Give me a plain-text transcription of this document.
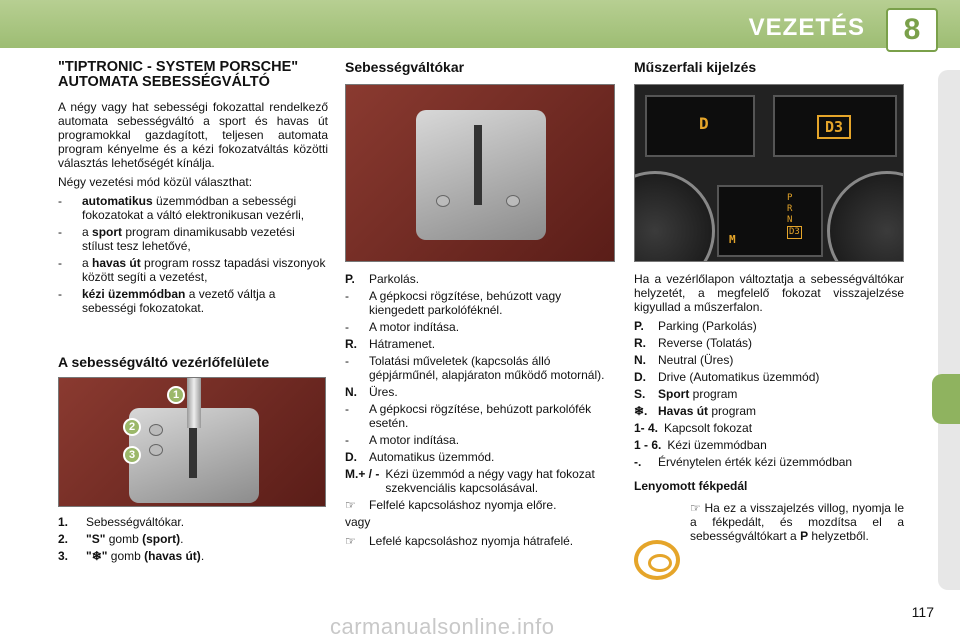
VEZETÉS	8
"TIPTRONIC - SYSTEM PORSCHE" AUTOMATA SEBESSÉGVÁLTÓ

A négy vagy hat sebességi fokozattal rendelkező automata sebességváltó a sport és havas út programokkal gazdagított, teljesen automata program kényelme és a kézi fokozatváltás közötti választás lehetőségét kínálja.

Négy vezetési mód közül választhat:

-	automatikus üzemmódban a sebességi fokozatokat a váltó elektronikusan vezérli,
-	a sport program dinamikusabb vezetési stílust tesz lehetővé,
-	a havas út program rossz tapadási viszonyok között segíti a vezetést,
-	kézi üzemmódban a vezető váltja a sebességi fokozatokat.
A sebességváltó vezérlőfelülete
1
2
3
1.	Sebességváltókar.
2.	"S" gomb (sport).
3.	"❄" gomb (havas út).
Sebességváltókar
P.	Parkolás.
-	A gépkocsi rögzítése, behúzott vagy kiengedett parkolóféknél.
-	A motor indítása.
R.	Hátramenet.
-	Tolatási műveletek (kapcsolás álló gépjárműnél, alapjáraton működő motornál).
N.	Üres.
-	A gépkocsi rögzítése, behúzott parkolófék esetén.
-	A motor indítása.
D.	Automatikus üzemmód.
M.+ / - Kézi üzemmód a négy vagy hat fokozat szekvenciális kapcsolásával.
☞	Felfelé kapcsoláshoz nyomja előre.

vagy

☞	Lefelé kapcsoláshoz nyomja hátrafelé.
Műszerfali kijelzés
D	D3
M
P
R
N
D3

Ha a vezérlőlapon változtatja a sebességváltókar helyzetét, a megfelelő fokozat visszajelzése kigyullad a műszerfalon.

P.	Parking (Parkolás)
R.	Reverse (Tolatás)
N.	Neutral (Üres)
D.	Drive (Automatikus üzemmód)
S.	Sport program
❄. Havas út program
1- 4. Kapcsolt fokozat
1 - 6. Kézi üzemmódban
-.	Érvénytelen érték kézi üzemmódban
Lenyomott fékpedál

☞ Ha ez a visszajelzés villog, nyomja le a fékpedált, és mozdítsa el a sebességváltókart a P helyzetből.

117
carmanualsonline.info
